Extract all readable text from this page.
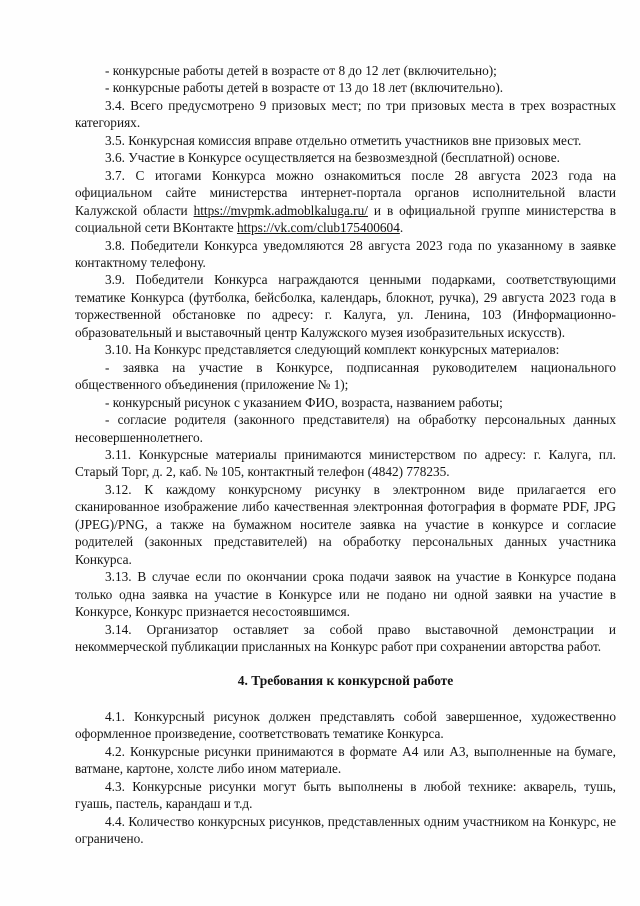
- конкурсные работы детей в возрасте от 8 до 12 лет (включительно);

- конкурсные работы детей в возрасте от 13 до 18 лет (включительно).

3.4. Всего предусмотрено 9 призовых мест; по три призовых места в трех возрастных категориях.

3.5. Конкурсная комиссия вправе отдельно отметить участников вне призовых мест.

3.6. Участие в Конкурсе осуществляется на безвозмездной (бесплатной) основе.

3.7. С итогами Конкурса можно ознакомиться после 28 августа 2023 года на официальном сайте министерства интернет-портала органов исполнительной власти Калужской области https://mvpmk.admoblkaluga.ru/ и в официальной группе министерства в социальной сети ВКонтакте https://vk.com/club175400604.

3.8. Победители Конкурса уведомляются 28 августа 2023 года по указанному в заявке контактному телефону.

3.9. Победители Конкурса награждаются ценными подарками, соответствующими тематике Конкурса (футболка, бейсболка, календарь, блокнот, ручка), 29 августа 2023 года в торжественной обстановке по адресу: г. Калуга, ул. Ленина, 103 (Информационно-образовательный и выставочный центр Калужского музея изобразительных искусств).

3.10. На Конкурс представляется следующий комплект конкурсных материалов:

- заявка на участие в Конкурсе, подписанная руководителем национального общественного объединения (приложение № 1);

- конкурсный рисунок с указанием ФИО, возраста, названием работы;

- согласие родителя (законного представителя) на обработку персональных данных несовершеннолетнего.

3.11. Конкурсные материалы принимаются министерством по адресу: г. Калуга, пл. Старый Торг, д. 2, каб. № 105, контактный телефон (4842) 778235.

3.12. К каждому конкурсному рисунку в электронном виде прилагается его сканированное изображение либо качественная электронная фотография в формате PDF, JPG (JPEG)/PNG, а также на бумажном носителе заявка на участие в конкурсе и согласие родителей (законных представителей) на обработку персональных данных участника Конкурса.

3.13. В случае если по окончании срока подачи заявок на участие в Конкурсе подана только одна заявка на участие в Конкурсе или не подано ни одной заявки на участие в Конкурсе, Конкурс признается несостоявшимся.

3.14. Организатор оставляет за собой право выставочной демонстрации и некоммерческой публикации присланных на Конкурс работ при сохранении авторства работ.

4. Требования к конкурсной работе

4.1. Конкурсный рисунок должен представлять собой завершенное, художественно оформленное произведение, соответствовать тематике Конкурса.

4.2. Конкурсные рисунки принимаются в формате А4 или А3, выполненные на бумаге, ватмане, картоне, холсте либо ином материале.

4.3. Конкурсные рисунки могут быть выполнены в любой технике: акварель, тушь, гуашь, пастель, карандаш и т.д.

4.4. Количество конкурсных рисунков, представленных одним участником на Конкурс, не ограничено.
